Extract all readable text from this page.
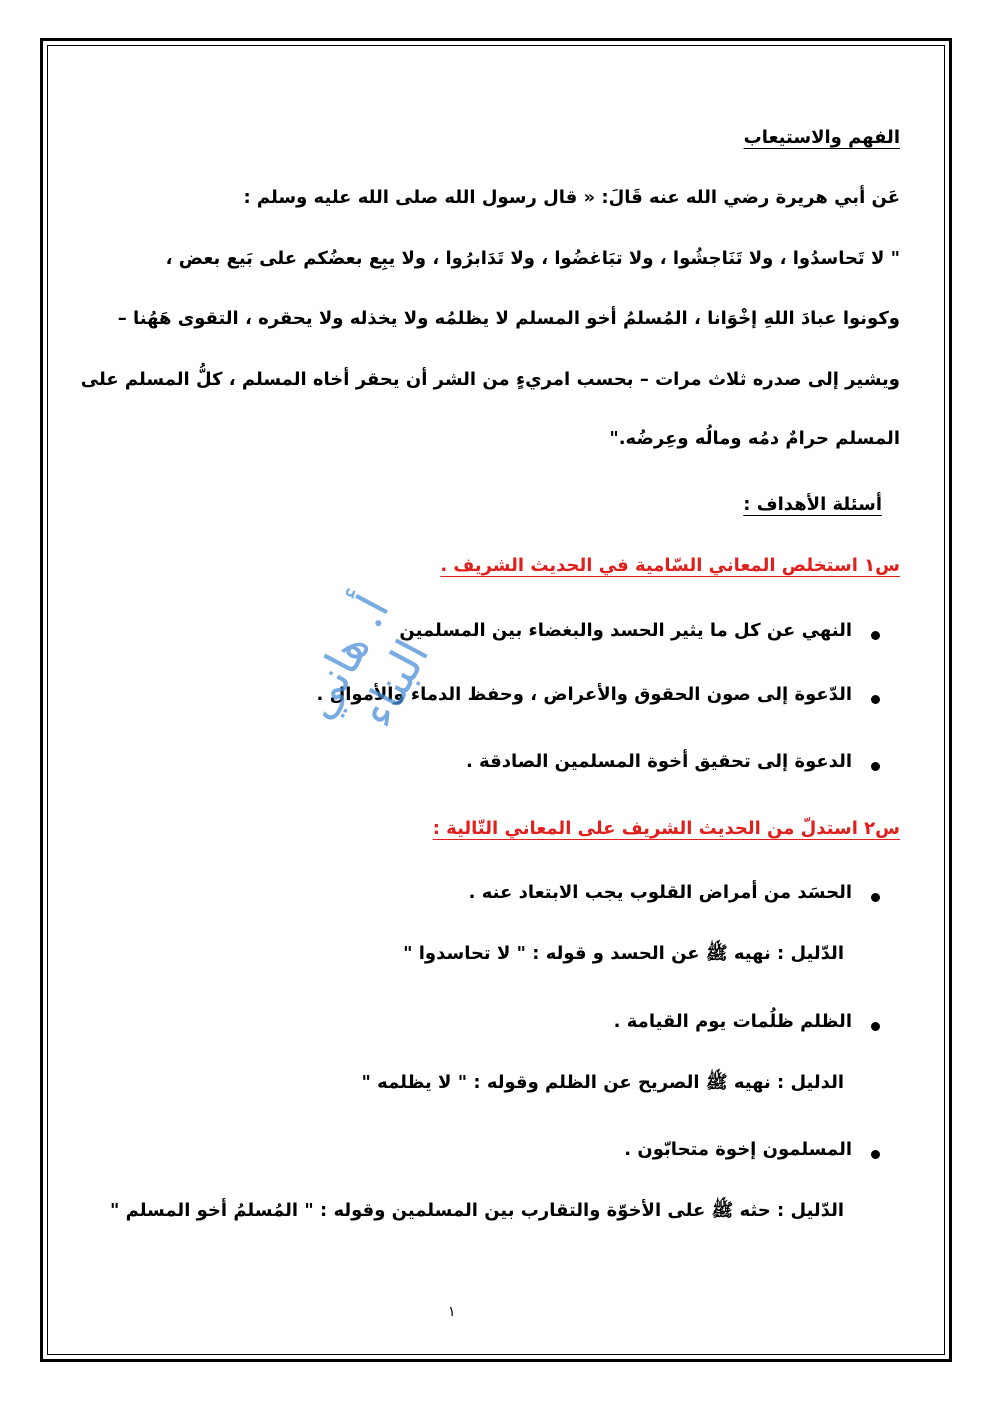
الفهم والاستيعاب
عَن أبي هريرة رضي الله عنه قَالَ: « قال رسول الله صلى الله عليه وسلم :
" لا تَحاسدُوا ، ولا تَنَاجشُوا ، ولا تبَاغضُوا ، ولا تَدَابرُوا ، ولا يبِع بعضُكم على بَيع بعض ،
وكونوا عبادَ اللهِ إخْوَانا ، المُسلمُ أخو المسلم لا يظلمُه ولا يخذله ولا يحقره ، التقوى هَهُنا –
ويشير إلى صدره ثلاث مرات – بحسب امريءٍ من الشر أن يحقر أخاه المسلم ، كلُّ المسلم على
المسلم حرامٌ دمُه ومالُه وعِرضُه."
أسئلة الأهداف :
س١ استخلص المعاني السّامية في الحديث الشريف .
النهي عن كل ما يثير الحسد والبغضاء بين المسلمين
الدّعوة إلى صون الحقوق والأعراض ، وحفظ الدماء والأموال .
الدعوة إلى تحقيق أخوة المسلمين الصادقة .
س٢ استدلّ من الحديث الشريف على المعاني التّالية :
الحسَد من أمراض القلوب يجب الابتعاد عنه .
الدّليل : نهيه ﷺ عن الحسد و قوله : " لا تحاسدوا "
الظلم ظلُمات يوم القيامة .
الدليل : نهيه ﷺ الصريح عن الظلم وقوله : " لا يظلمه "
المسلمون إخوة متحابّون .
الدّليل : حثه ﷺ على الأخوّة والتقارب بين المسلمين وقوله : " المُسلمُ أخو المسلم "
أ. هاني البناء
١
